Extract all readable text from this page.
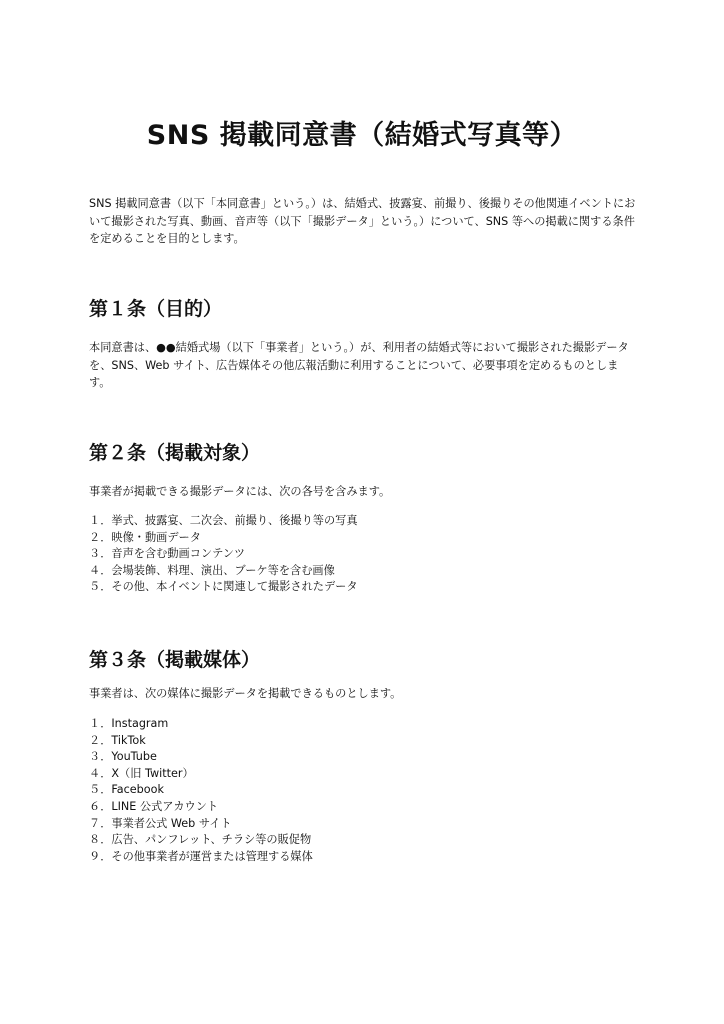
SNS 掲載同意書（結婚式写真等）

SNS 掲載同意書（以下「本同意書」という。）は、結婚式、披露宴、前撮り、後撮りその他関連イベントにおいて撮影された写真、動画、音声等（以下「撮影データ」という。）について、SNS 等への掲載に関する条件を定めることを目的とします。

第１条（目的）

本同意書は、●●結婚式場（以下「事業者」という。）が、利用者の結婚式等において撮影された撮影データを、SNS、Web サイト、広告媒体その他広報活動に利用することについて、必要事項を定めるものとします。

第２条（掲載対象）

事業者が掲載できる撮影データには、次の各号を含みます。

１．挙式、披露宴、二次会、前撮り、後撮り等の写真
２．映像・動画データ
３．音声を含む動画コンテンツ
４．会場装飾、料理、演出、ブーケ等を含む画像
５．その他、本イベントに関連して撮影されたデータ
第３条（掲載媒体）

事業者は、次の媒体に撮影データを掲載できるものとします。

１．Instagram
２．TikTok
３．YouTube
４．X（旧 Twitter）
５．Facebook
６．LINE 公式アカウント
７．事業者公式 Web サイト
８．広告、パンフレット、チラシ等の販促物
９．その他事業者が運営または管理する媒体
